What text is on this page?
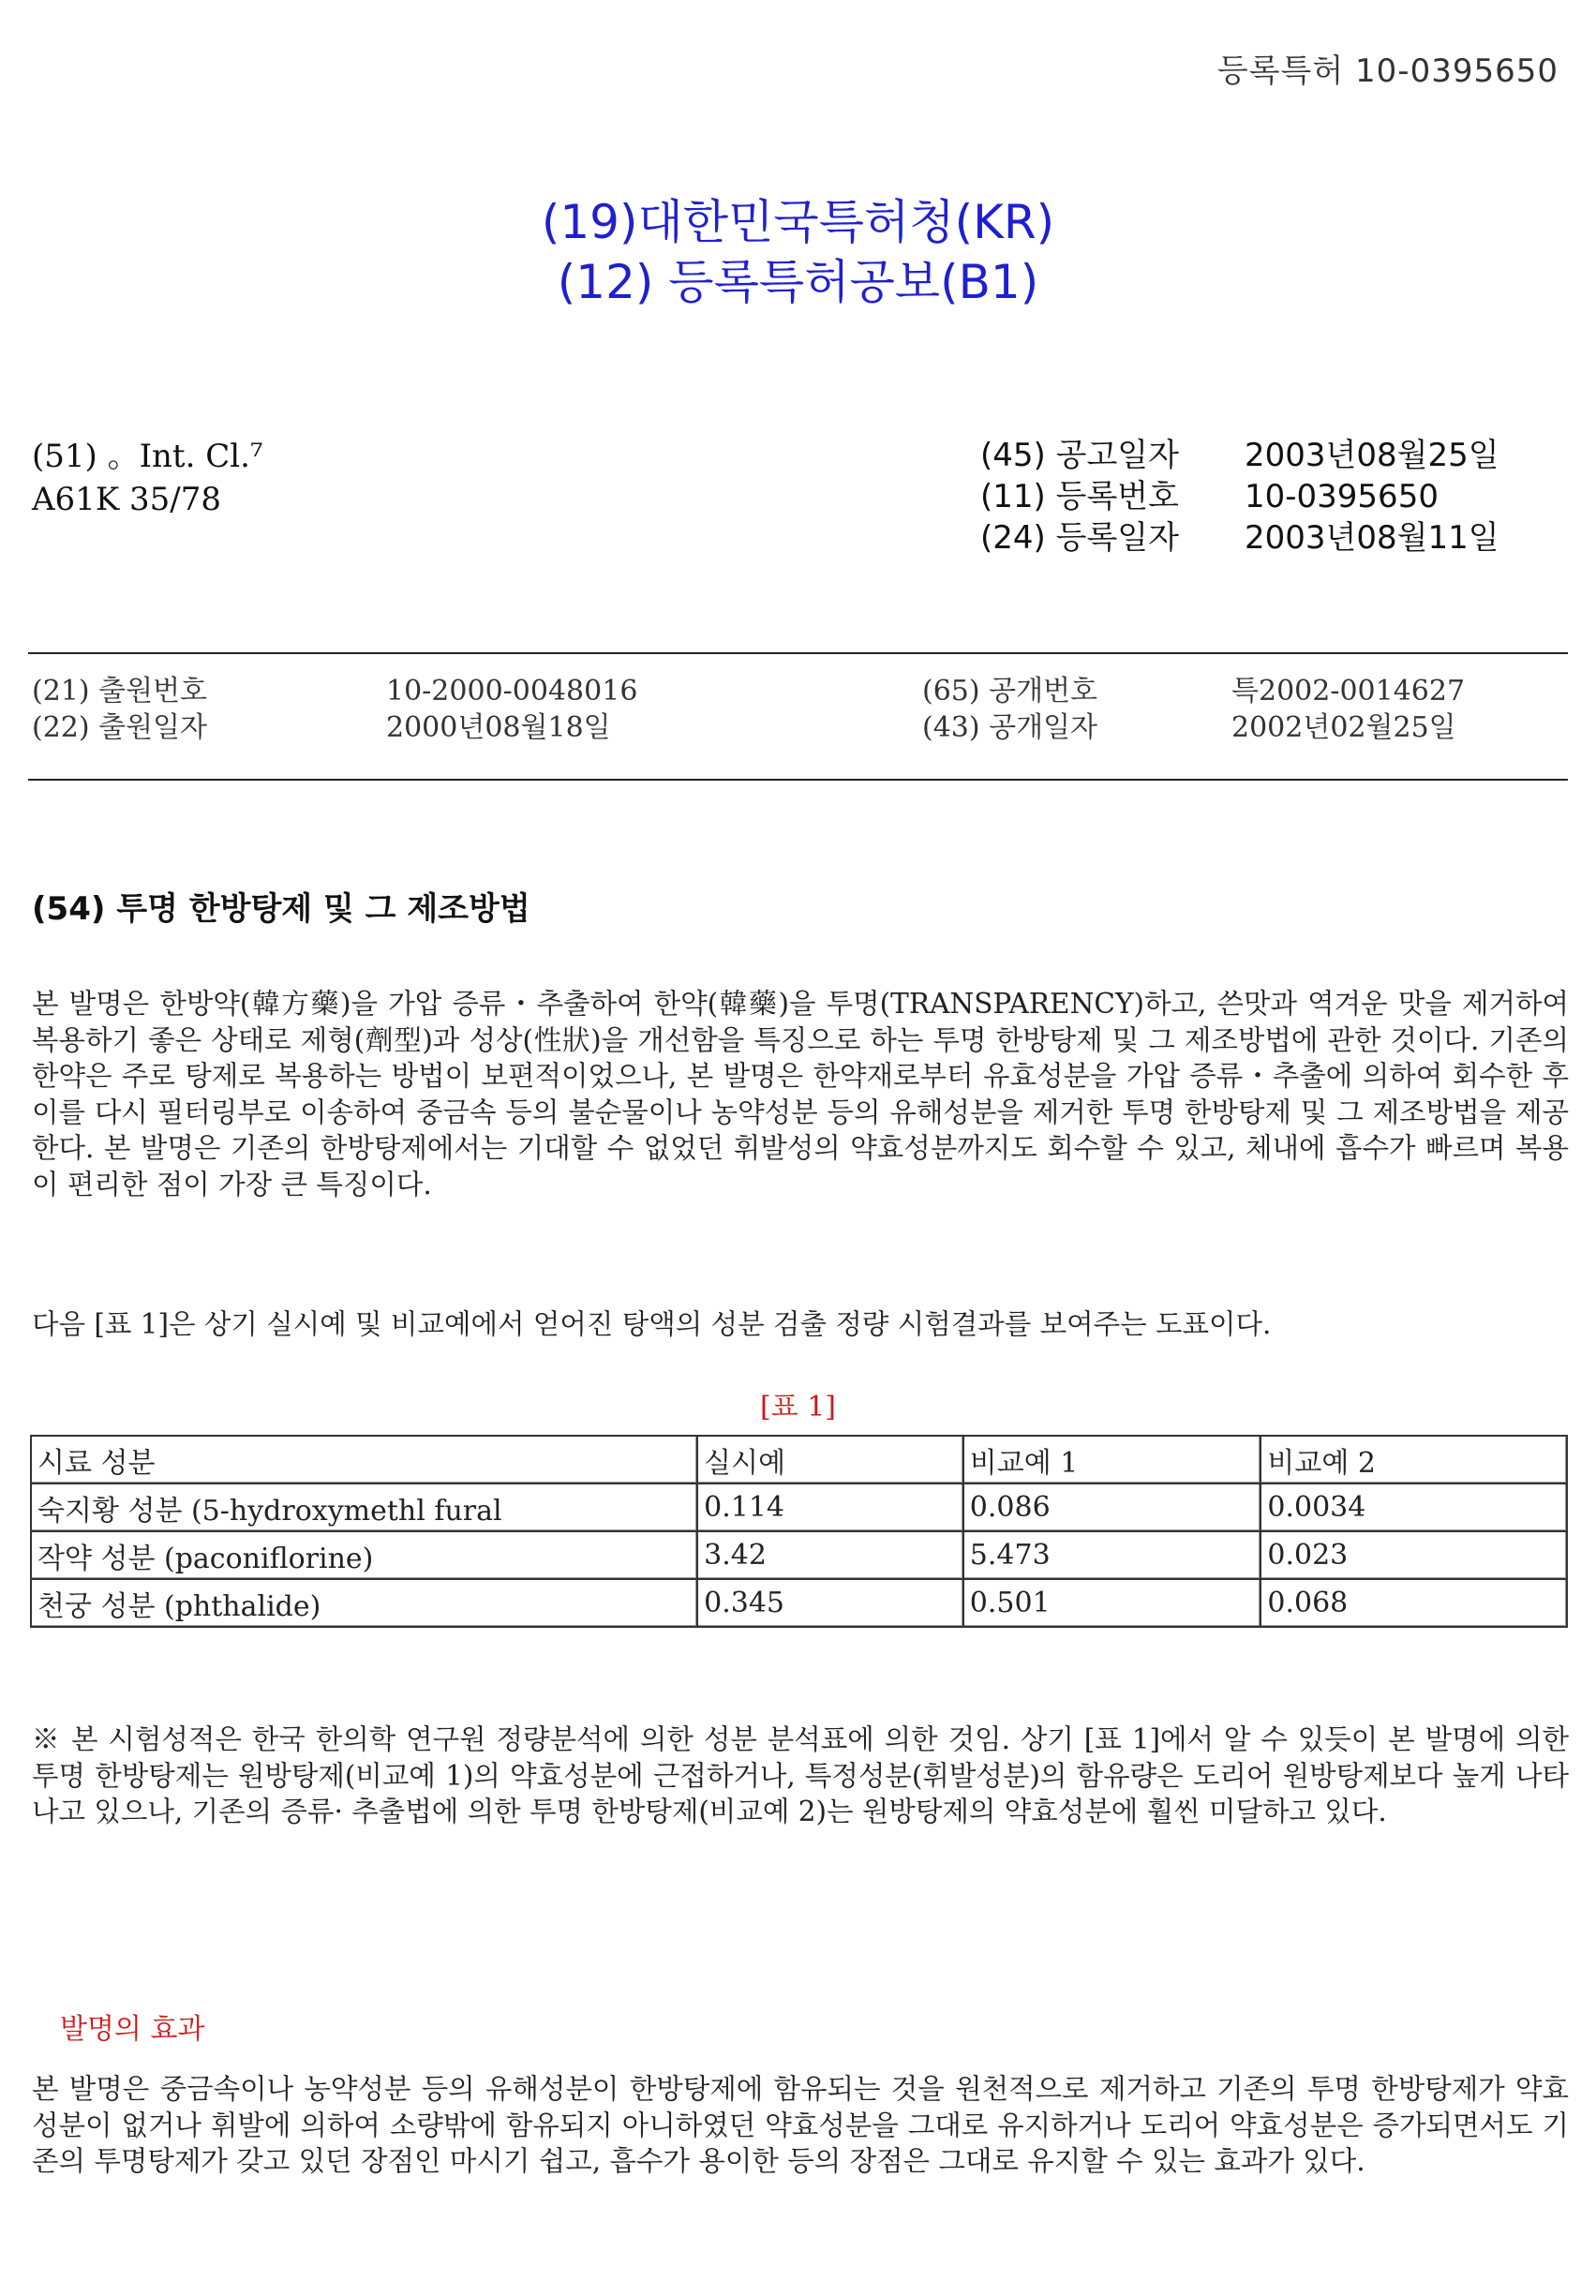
등록특허 10-0395650
(19)대한민국특허청(KR)
(12) 등록특허공보(B1)
(51) 。Int. Cl.⁷
A61K 35/78
(45) 공고일자	2003년08월25일
(11) 등록번호	10-0395650
(24) 등록일자	2003년08월11일
(21) 출원번호	10-2000-0048016
(22) 출원일자	2000년08월18일
(65) 공개번호	특2002-0014627
(43) 공개일자	2002년02월25일
(54) 투명 한방탕제 및 그 제조방법
본 발명은 한방약(韓方藥)을 가압 증류・추출하여 한약(韓藥)을 투명(TRANSPARENCY)하고, 쓴맛과 역겨운 맛을 제거하여 복용하기 좋은 상태로 제형(劑型)과 성상(性狀)을 개선함을 특징으로 하는 투명 한방탕제 및 그 제조방법에 관한 것이다. 기존의 한약은 주로 탕제로 복용하는 방법이 보편적이었으나, 본 발명은 한약재로부터 유효성분을 가압 증류・추출에 의하여 회수한 후 이를 다시 필터링부로 이송하여 중금속 등의 불순물이나 농약성분 등의 유해성분을 제거한 투명 한방탕제 및 그 제조방법을 제공한다. 본 발명은 기존의 한방탕제에서는 기대할 수 없었던 휘발성의 약효성분까지도 회수할 수 있고, 체내에 흡수가 빠르며 복용이 편리한 점이 가장 큰 특징이다.
다음 [표 1]은 상기 실시예 및 비교예에서 얻어진 탕액의 성분 검출 정량 시험결과를 보여주는 도표이다.
[표 1]
시료 성분	실시예	비교예 1	비교예 2
숙지황 성분 (5-hydroxymethl fural	0.114	0.086	0.0034
작약 성분 (paconiflorine)	3.42	5.473	0.023
천궁 성분 (phthalide)	0.345	0.501	0.068
※ 본 시험성적은 한국 한의학 연구원 정량분석에 의한 성분 분석표에 의한 것임. 상기 [표 1]에서 알 수 있듯이 본 발명에 의한 투명 한방탕제는 원방탕제(비교예 1)의 약효성분에 근접하거나, 특정성분(휘발성분)의 함유량은 도리어 원방탕제보다 높게 나타나고 있으나, 기존의 증류· 추출법에 의한 투명 한방탕제(비교예 2)는 원방탕제의 약효성분에 훨씬 미달하고 있다.
발명의 효과
본 발명은 중금속이나 농약성분 등의 유해성분이 한방탕제에 함유되는 것을 원천적으로 제거하고 기존의 투명 한방탕제가 약효성분이 없거나 휘발에 의하여 소량밖에 함유되지 아니하였던 약효성분을 그대로 유지하거나 도리어 약효성분은 증가되면서도 기존의 투명탕제가 갖고 있던 장점인 마시기 쉽고, 흡수가 용이한 등의 장점은 그대로 유지할 수 있는 효과가 있다.
